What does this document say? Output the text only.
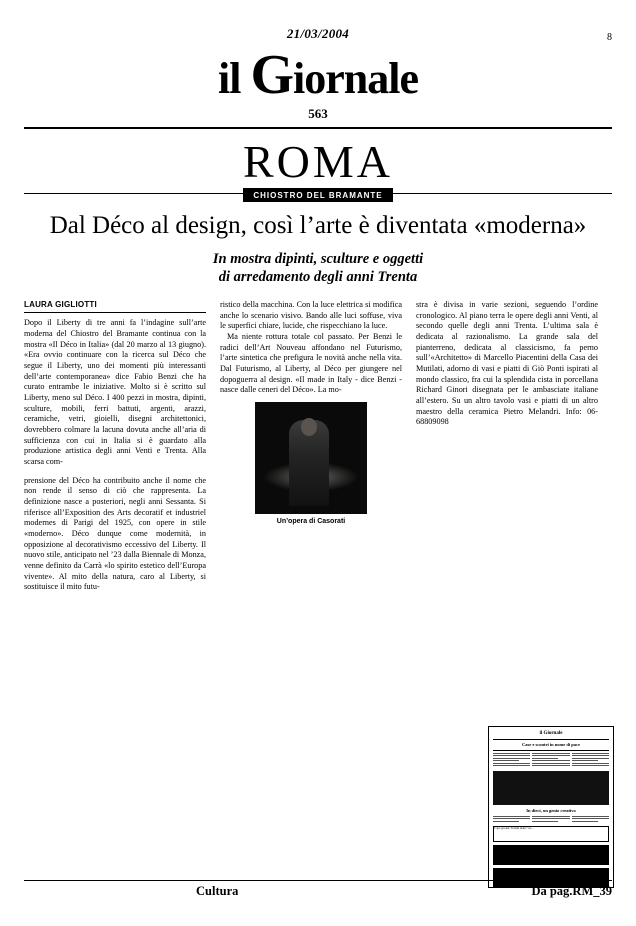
8
21/03/2004
il Giornale
563
ROMA
CHIOSTRO DEL BRAMANTE
Dal Déco al design, così l’arte è diventata «moderna»
In mostra dipinti, sculture e oggetti
di arredamento degli anni Trenta
LAURA GIGLIOTTI

Dopo il Liberty di tre anni fa l’indagine sull’arte moderna del Chiostro del Bramante continua con la mostra «Il Déco in Italia» (dal 20 marzo al 13 giugno). «Era ovvio continuare con la ricerca sul Déco che segue il Liberty, uno dei momenti più interessanti dell’arte contemporanea» dice Fabio Benzi che ha curato entrambe le iniziative. Molto si è scritto sul Liberty, meno sul Déco. I 400 pezzi in mostra, dipinti, sculture, mobili, ferri battuti, argenti, arazzi, ceramiche, vetri, gioielli, disegni architettonici, dovrebbero colmare la lacuna dovuta anche all’aria di sufficienza con cui in Italia si è guardato alla produzione artistica degli anni Venti e Trenta. Alla scarsa com-

prensione del Déco ha contribuito anche il nome che non rende il senso di ciò che rappresenta. La definizione nasce a posteriori, negli anni Sessanta. Si riferisce all’Exposition des Arts decoratif et industriel modernes di Parigi del 1925, con opere in stile «moderno». Déco dunque come modernità, in opposizione al decorativismo eccessivo del Liberty. Il nuovo stile, anticipato nel ’23 dalla Biennale di Monza, venne definito da Carrà «lo spirito estetico dell’Europa vivente». Al mito della natura, caro al Liberty, si sostituisce il mito futu-

ristico della macchina. Con la luce elettrica si modifica anche lo scenario visivo. Bando alle luci soffuse, viva le superfici chiare, lucide, che rispecchiano la luce.

Ma niente rottura totale col passato. Per Benzi le radici dell’Art Nouveau affondano nel Futurismo, l’arte sintetica che prefigura le novità anche nella vita. Dal Futurismo, al Liberty, al Déco per giungere nel dopoguerra al design. «Il made in Italy - dice Benzi - nasce dalle ceneri del Déco». La mo-

Un’opera di Casorati

stra è divisa in varie sezioni, seguendo l’ordine cronologico. Al piano terra le opere degli anni Venti, al secondo quelle degli anni Trenta. L’ultima sala è dedicata al razionalismo. La grande sala del pianterreno, dedicata al classicismo, fa perno sull’«Architetto» di Marcello Piacentini della Casa dei Mutilati, adorno di vasi e piatti di Giò Ponti ispirati al mondo classico, fra cui la splendida cista in porcellana Richard Ginori disegnata per le ambasciate italiane all’estero. Su un altro tavolo vasi e piatti di un altro maestro della ceramica Pietro Melandri. Info: 06-68809098

il Giornale
Case e scontri in nome di pace
In dieci, un genio creativo
Copa groana: Terzini ladro? no...
Cultura	Da pag.RM_39
